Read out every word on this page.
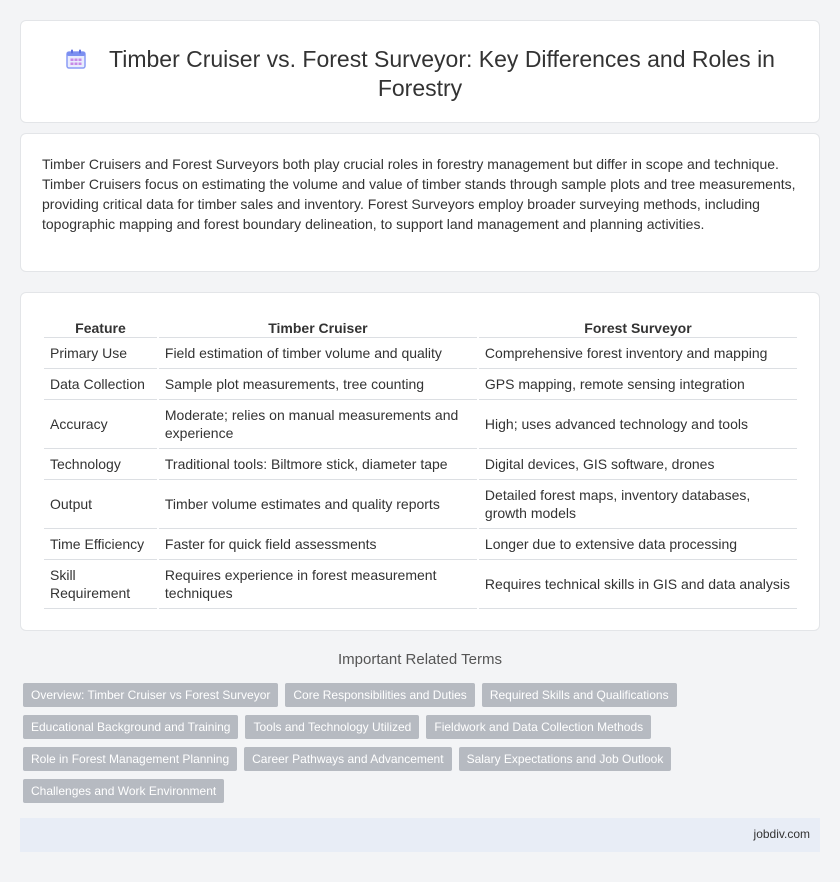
Timber Cruiser vs. Forest Surveyor: Key Differences and Roles in Forestry

Timber Cruisers and Forest Surveyors both play crucial roles in forestry management but differ in scope and technique. Timber Cruisers focus on estimating the volume and value of timber stands through sample plots and tree measurements, providing critical data for timber sales and inventory. Forest Surveyors employ broader surveying methods, including topographic mapping and forest boundary delineation, to support land management and planning activities.

Feature	Timber Cruiser	Forest Surveyor
Primary Use	Field estimation of timber volume and quality	Comprehensive forest inventory and mapping
Data Collection	Sample plot measurements, tree counting	GPS mapping, remote sensing integration
Accuracy	Moderate; relies on manual measurements and experience	High; uses advanced technology and tools
Technology	Traditional tools: Biltmore stick, diameter tape	Digital devices, GIS software, drones
Output	Timber volume estimates and quality reports	Detailed forest maps, inventory databases, growth models
Time Efficiency	Faster for quick field assessments	Longer due to extensive data processing
Skill Requirement	Requires experience in forest measurement techniques	Requires technical skills in GIS and data analysis
Important Related Terms
Overview: Timber Cruiser vs Forest Surveyor	Core Responsibilities and Duties	Required Skills and Qualifications
Educational Background and Training	Tools and Technology Utilized	Fieldwork and Data Collection Methods
Role in Forest Management Planning	Career Pathways and Advancement	Salary Expectations and Job Outlook
Challenges and Work Environment
jobdiv.com
